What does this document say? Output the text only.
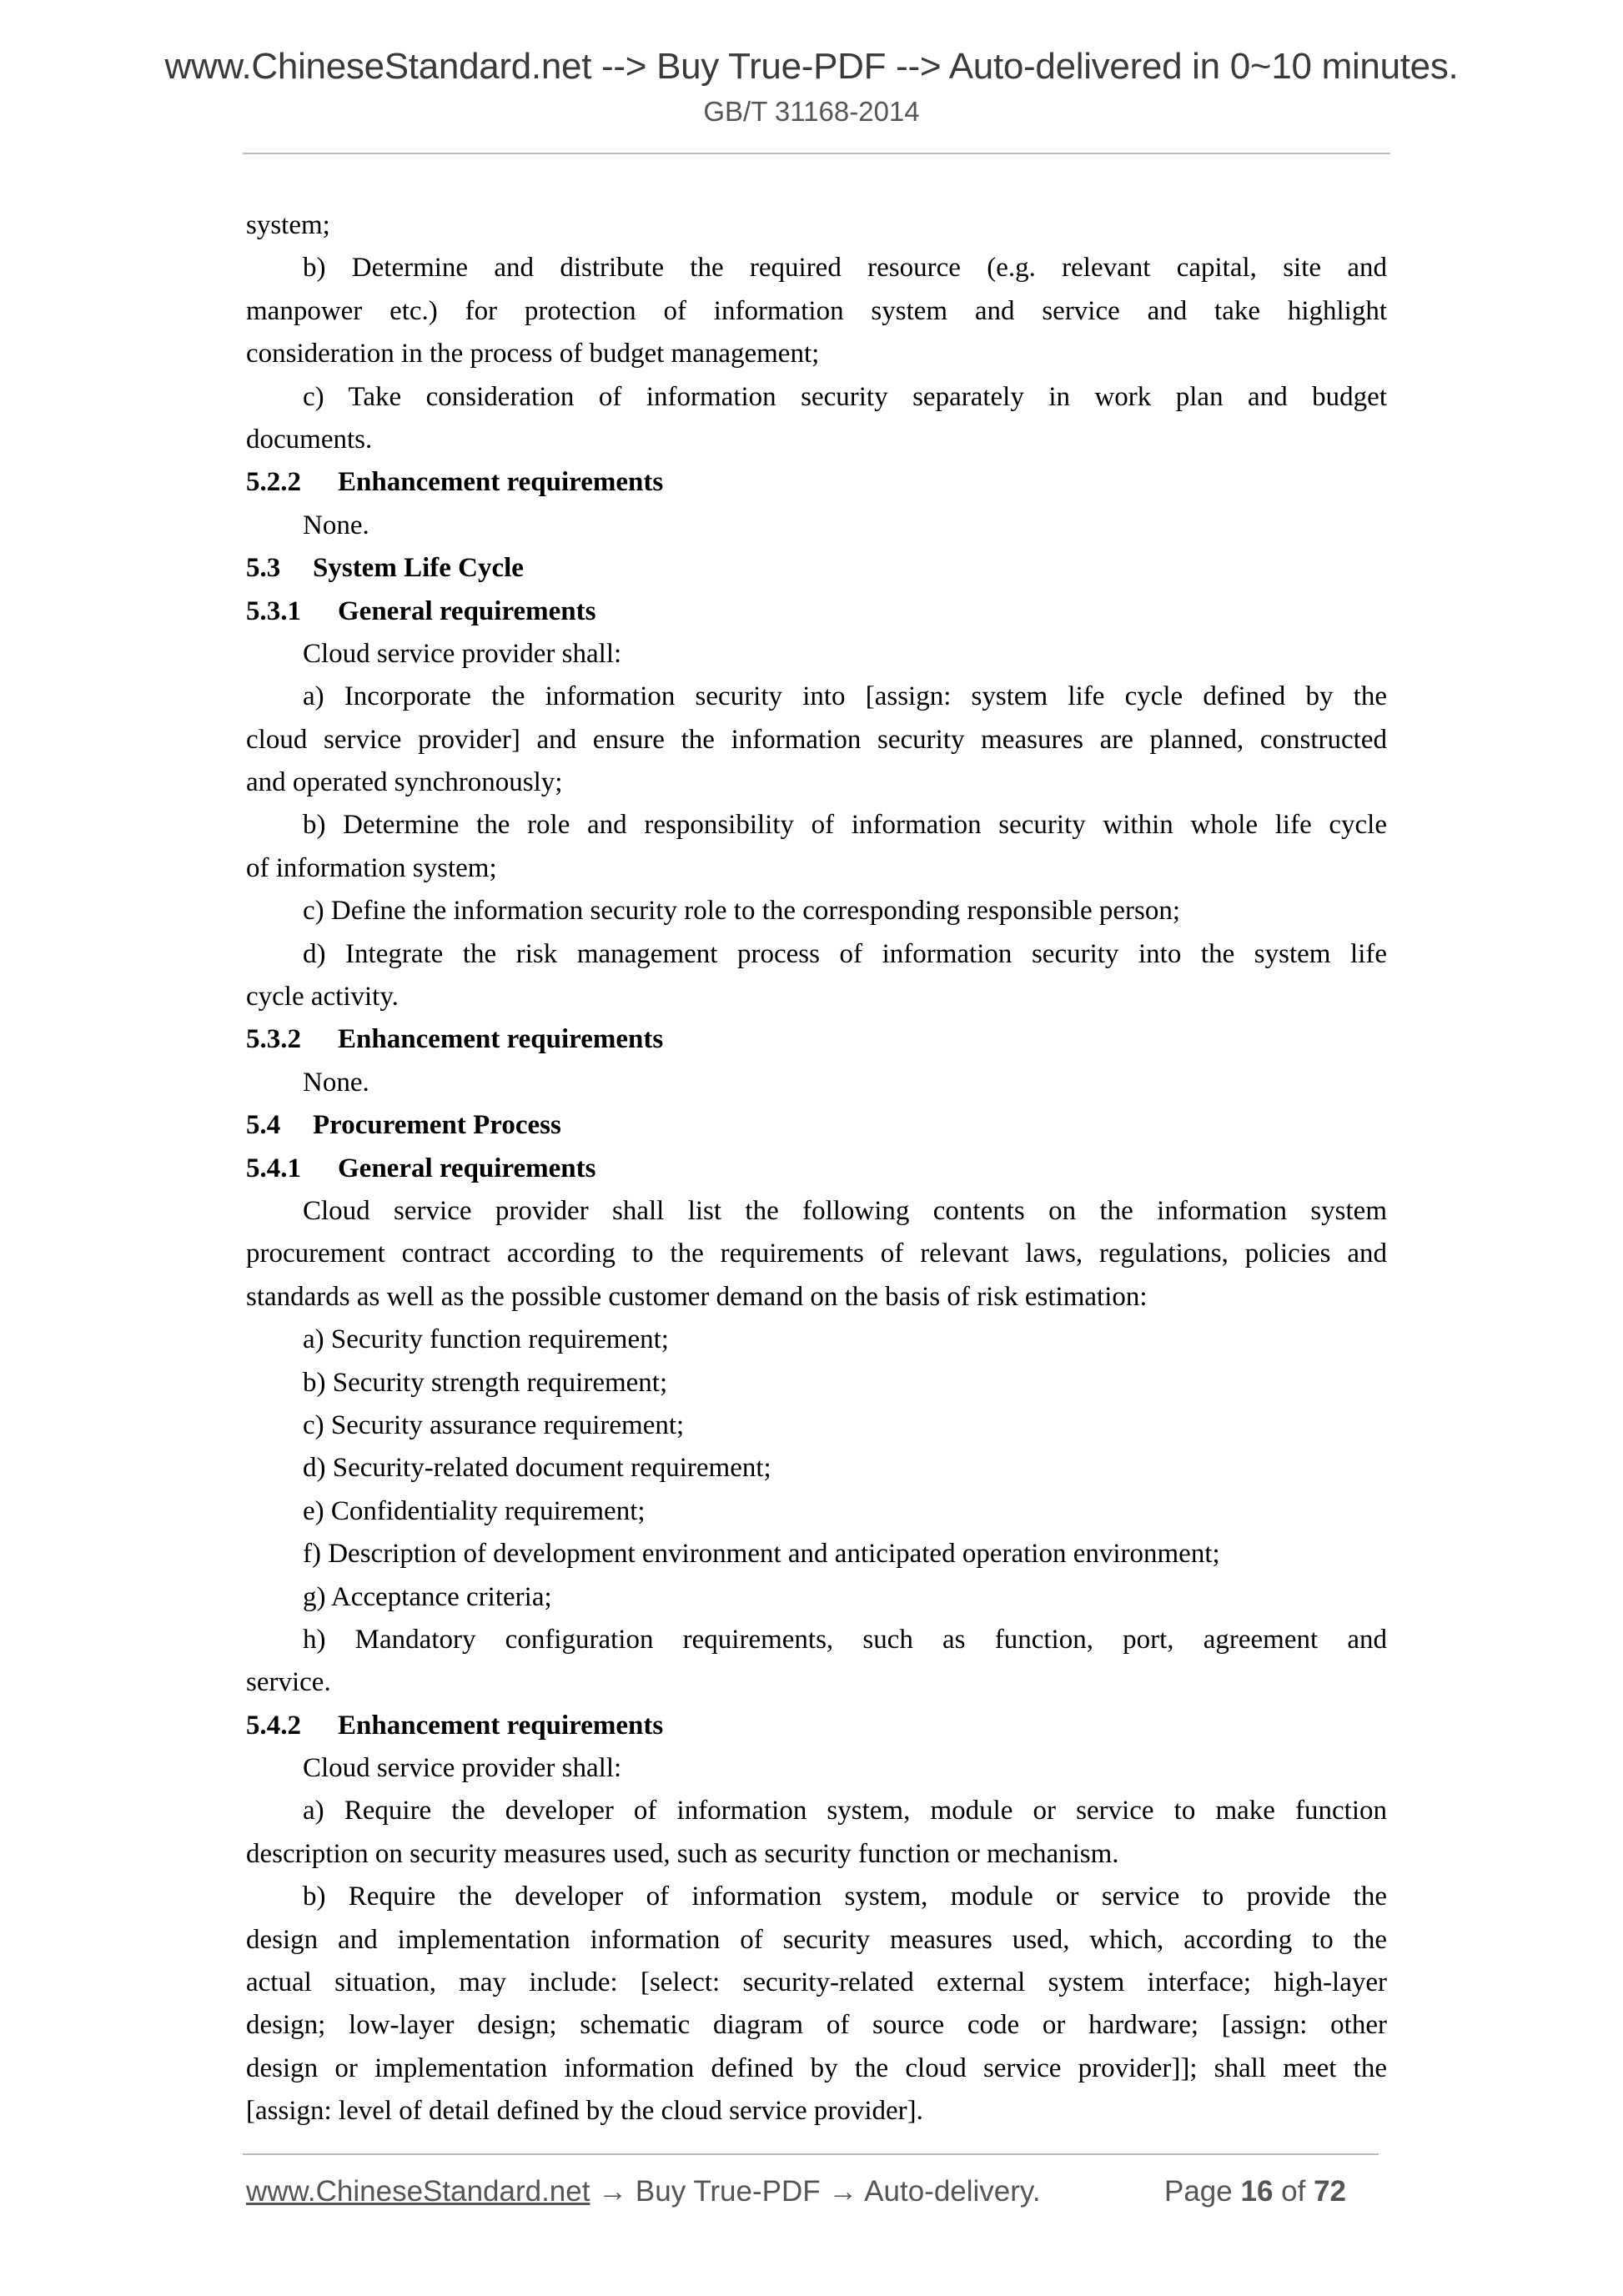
www.ChineseStandard.net --> Buy True-PDF --> Auto-delivered in 0~10 minutes.
GB/T 31168-2014
system;
b) Determine and distribute the required resource (e.g. relevant capital, site and
manpower etc.) for protection of information system and service and take highlight
consideration in the process of budget management;
c) Take consideration of information security separately in work plan and budget
documents.
5.2.2 Enhancement requirements
None.
5.3 System Life Cycle
5.3.1 General requirements
Cloud service provider shall:
a) Incorporate the information security into [assign: system life cycle defined by the
cloud service provider] and ensure the information security measures are planned, constructed
and operated synchronously;
b) Determine the role and responsibility of information security within whole life cycle
of information system;
c) Define the information security role to the corresponding responsible person;
d) Integrate the risk management process of information security into the system life
cycle activity.
5.3.2 Enhancement requirements
None.
5.4 Procurement Process
5.4.1 General requirements
Cloud service provider shall list the following contents on the information system
procurement contract according to the requirements of relevant laws, regulations, policies and
standards as well as the possible customer demand on the basis of risk estimation:
a) Security function requirement;
b) Security strength requirement;
c) Security assurance requirement;
d) Security-related document requirement;
e) Confidentiality requirement;
f) Description of development environment and anticipated operation environment;
g) Acceptance criteria;
h) Mandatory configuration requirements, such as function, port, agreement and
service.
5.4.2 Enhancement requirements
Cloud service provider shall:
a) Require the developer of information system, module or service to make function
description on security measures used, such as security function or mechanism.
b) Require the developer of information system, module or service to provide the
design and implementation information of security measures used, which, according to the
actual situation, may include: [select: security-related external system interface; high-layer
design; low-layer design; schematic diagram of source code or hardware; [assign: other
design or implementation information defined by the cloud service provider]]; shall meet the
[assign: level of detail defined by the cloud service provider].
www.ChineseStandard.net → Buy True-PDF → Auto-delivery.	Page 16 of 72
